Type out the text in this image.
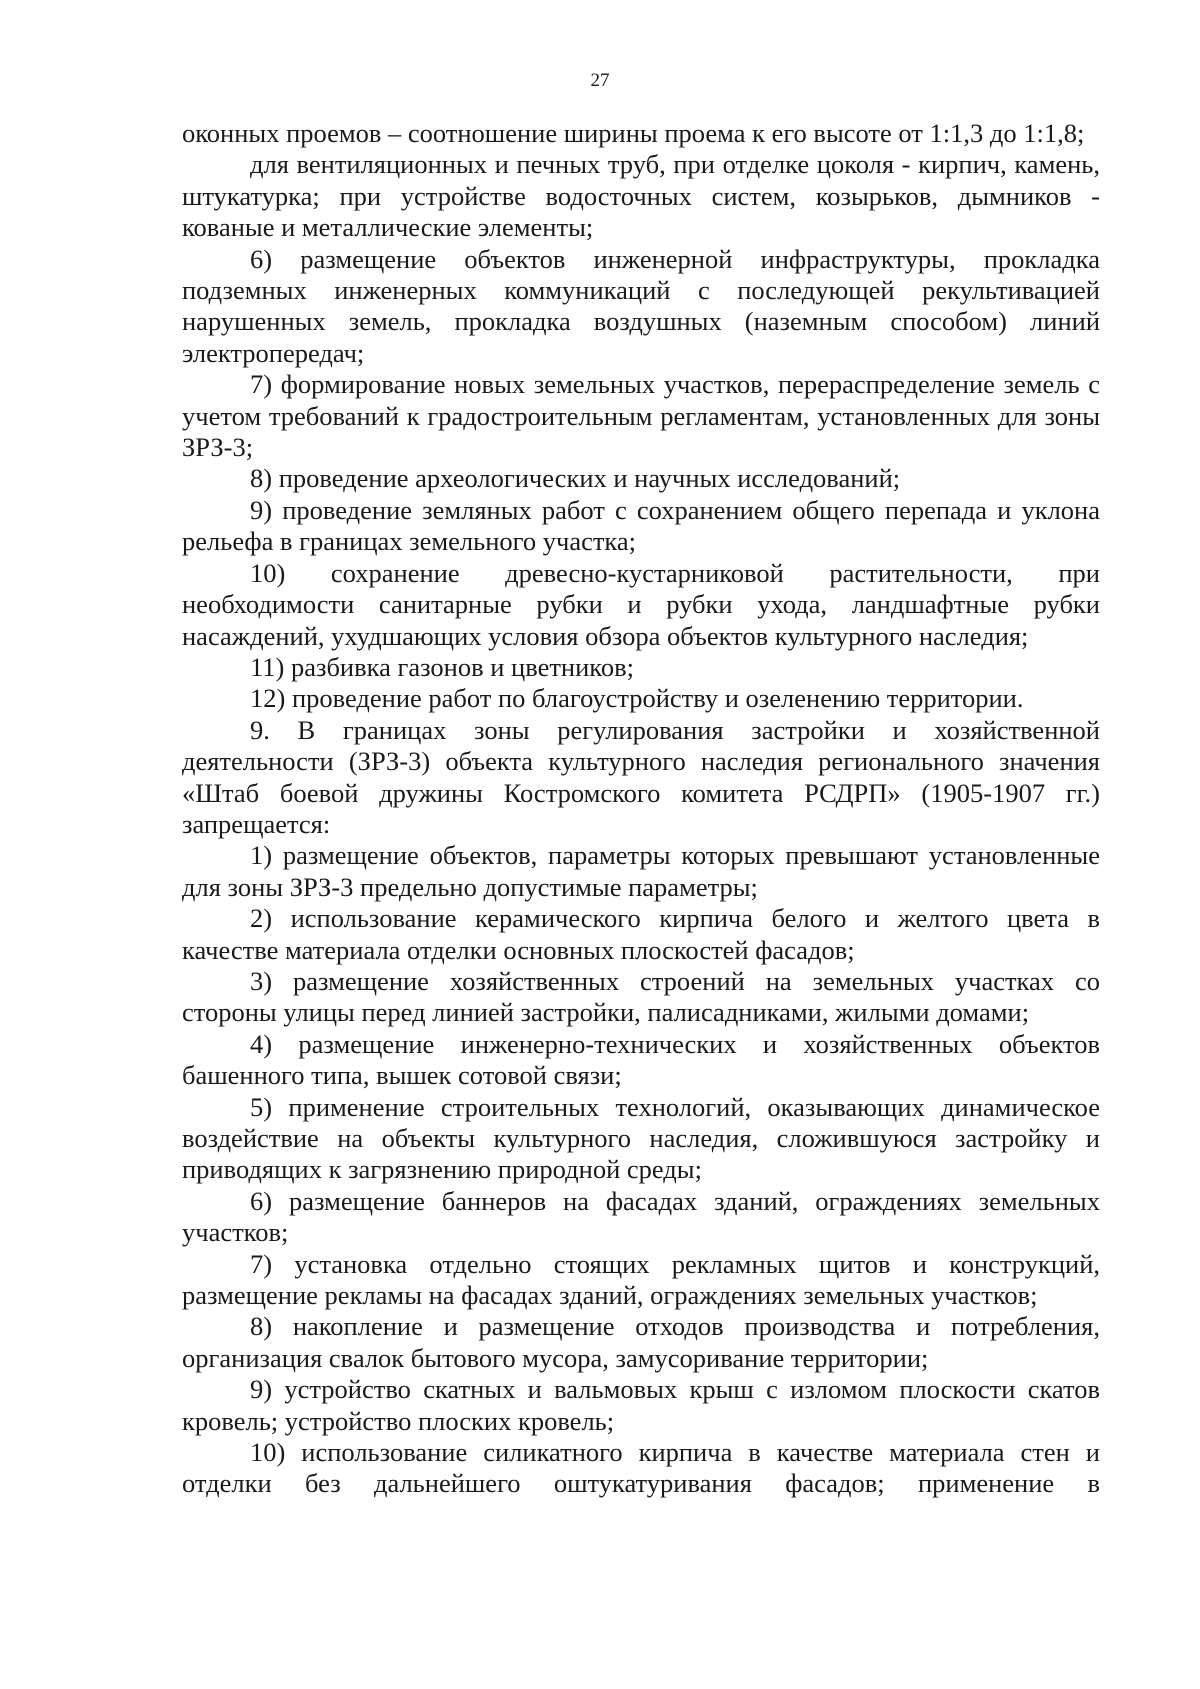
27

оконных проемов – соотношение ширины проема к его высоте от 1:1,3 до 1:1,8;

для вентиляционных и печных труб, при отделке цоколя - кирпич, камень, штукатурка; при устройстве водосточных систем, козырьков, дымников - кованые и металлические элементы;

6) размещение объектов инженерной инфраструктуры, прокладка подземных инженерных коммуникаций с последующей рекультивацией нарушенных земель, прокладка воздушных (наземным способом) линий электропередач;

7) формирование новых земельных участков, перераспределение земель с учетом требований к градостроительным регламентам, установленных для зоны ЗРЗ-3;

8) проведение археологических и научных исследований;

9) проведение земляных работ с сохранением общего перепада и уклона рельефа в границах земельного участка;

10) сохранение древесно-кустарниковой растительности, при необходимости санитарные рубки и рубки ухода, ландшафтные рубки насаждений, ухудшающих условия обзора объектов культурного наследия;

11) разбивка газонов и цветников;

12) проведение работ по благоустройству и озеленению территории.

9. В границах зоны регулирования застройки и хозяйственной деятельности (ЗРЗ-3) объекта культурного наследия регионального значения «Штаб боевой дружины Костромского комитета РСДРП» (1905-1907 гг.) запрещается:

1) размещение объектов, параметры которых превышают установленные для зоны ЗРЗ-3 предельно допустимые параметры;

2) использование керамического кирпича белого и желтого цвета в качестве материала отделки основных плоскостей фасадов;

3) размещение хозяйственных строений на земельных участках со стороны улицы перед линией застройки, палисадниками, жилыми домами;

4) размещение инженерно-технических и хозяйственных объектов башенного типа, вышек сотовой связи;

5) применение строительных технологий, оказывающих динамическое воздействие на объекты культурного наследия, сложившуюся застройку и приводящих к загрязнению природной среды;

6) размещение баннеров на фасадах зданий, ограждениях земельных участков;

7) установка отдельно стоящих рекламных щитов и конструкций, размещение рекламы на фасадах зданий, ограждениях земельных участков;

8) накопление и размещение отходов производства и потребления, организация свалок бытового мусора, замусоривание территории;

9) устройство скатных и вальмовых крыш с изломом плоскости скатов кровель; устройство плоских кровель;

10) использование силикатного кирпича в качестве материала стен и отделки без дальнейшего оштукатуривания фасадов; применение в
